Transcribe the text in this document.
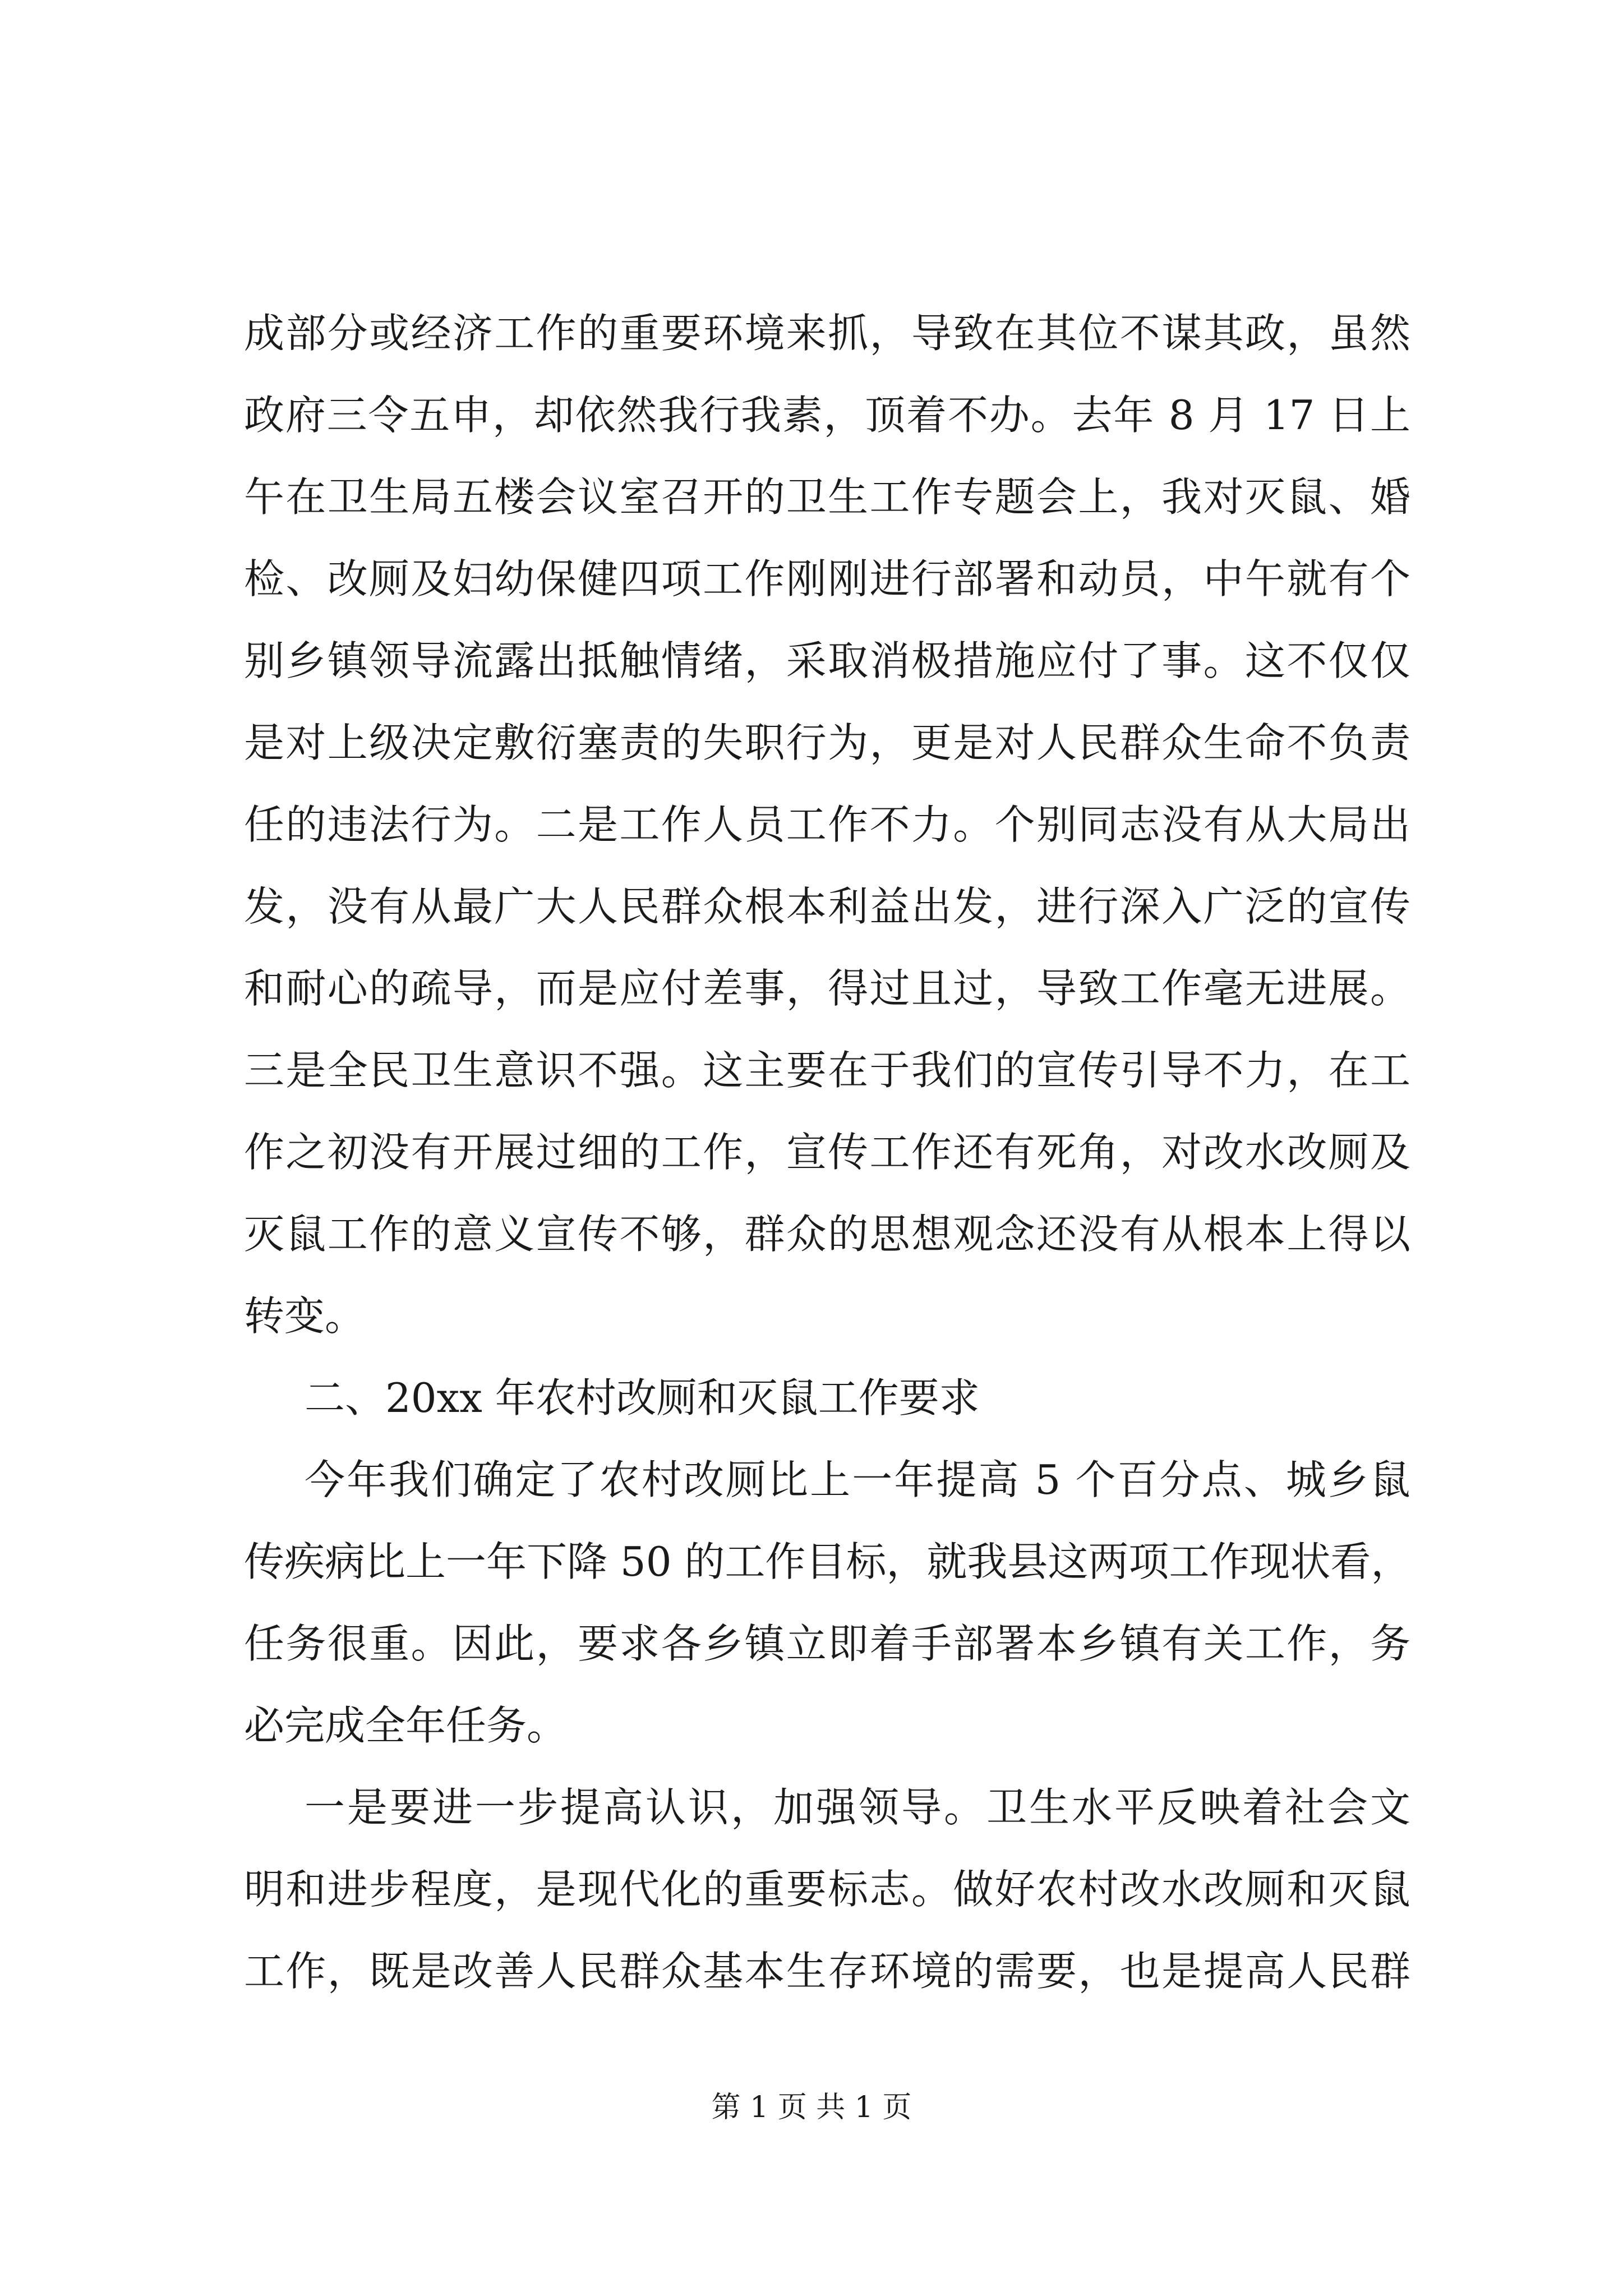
成部分或经济工作的重要环境来抓，导致在其位不谋其政，虽然
政府三令五申，却依然我行我素，顶着不办。去年 8 月 17 日上
午在卫生局五楼会议室召开的卫生工作专题会上，我对灭鼠、婚
检、改厕及妇幼保健四项工作刚刚进行部署和动员，中午就有个
别乡镇领导流露出抵触情绪，采取消极措施应付了事。这不仅仅
是对上级决定敷衍塞责的失职行为，更是对人民群众生命不负责
任的违法行为。二是工作人员工作不力。个别同志没有从大局出
发，没有从最广大人民群众根本利益出发，进行深入广泛的宣传
和耐心的疏导，而是应付差事，得过且过，导致工作毫无进展。
三是全民卫生意识不强。这主要在于我们的宣传引导不力，在工
作之初没有开展过细的工作，宣传工作还有死角，对改水改厕及
灭鼠工作的意义宣传不够，群众的思想观念还没有从根本上得以
转变。
二、20xx 年农村改厕和灭鼠工作要求
今年我们确定了农村改厕比上一年提高 5 个百分点、城乡鼠
传疾病比上一年下降 50 的工作目标，就我县这两项工作现状看，
任务很重。因此，要求各乡镇立即着手部署本乡镇有关工作，务
必完成全年任务。
一是要进一步提高认识，加强领导。卫生水平反映着社会文
明和进步程度，是现代化的重要标志。做好农村改水改厕和灭鼠
工作，既是改善人民群众基本生存环境的需要，也是提高人民群
第 1 页 共 1 页
